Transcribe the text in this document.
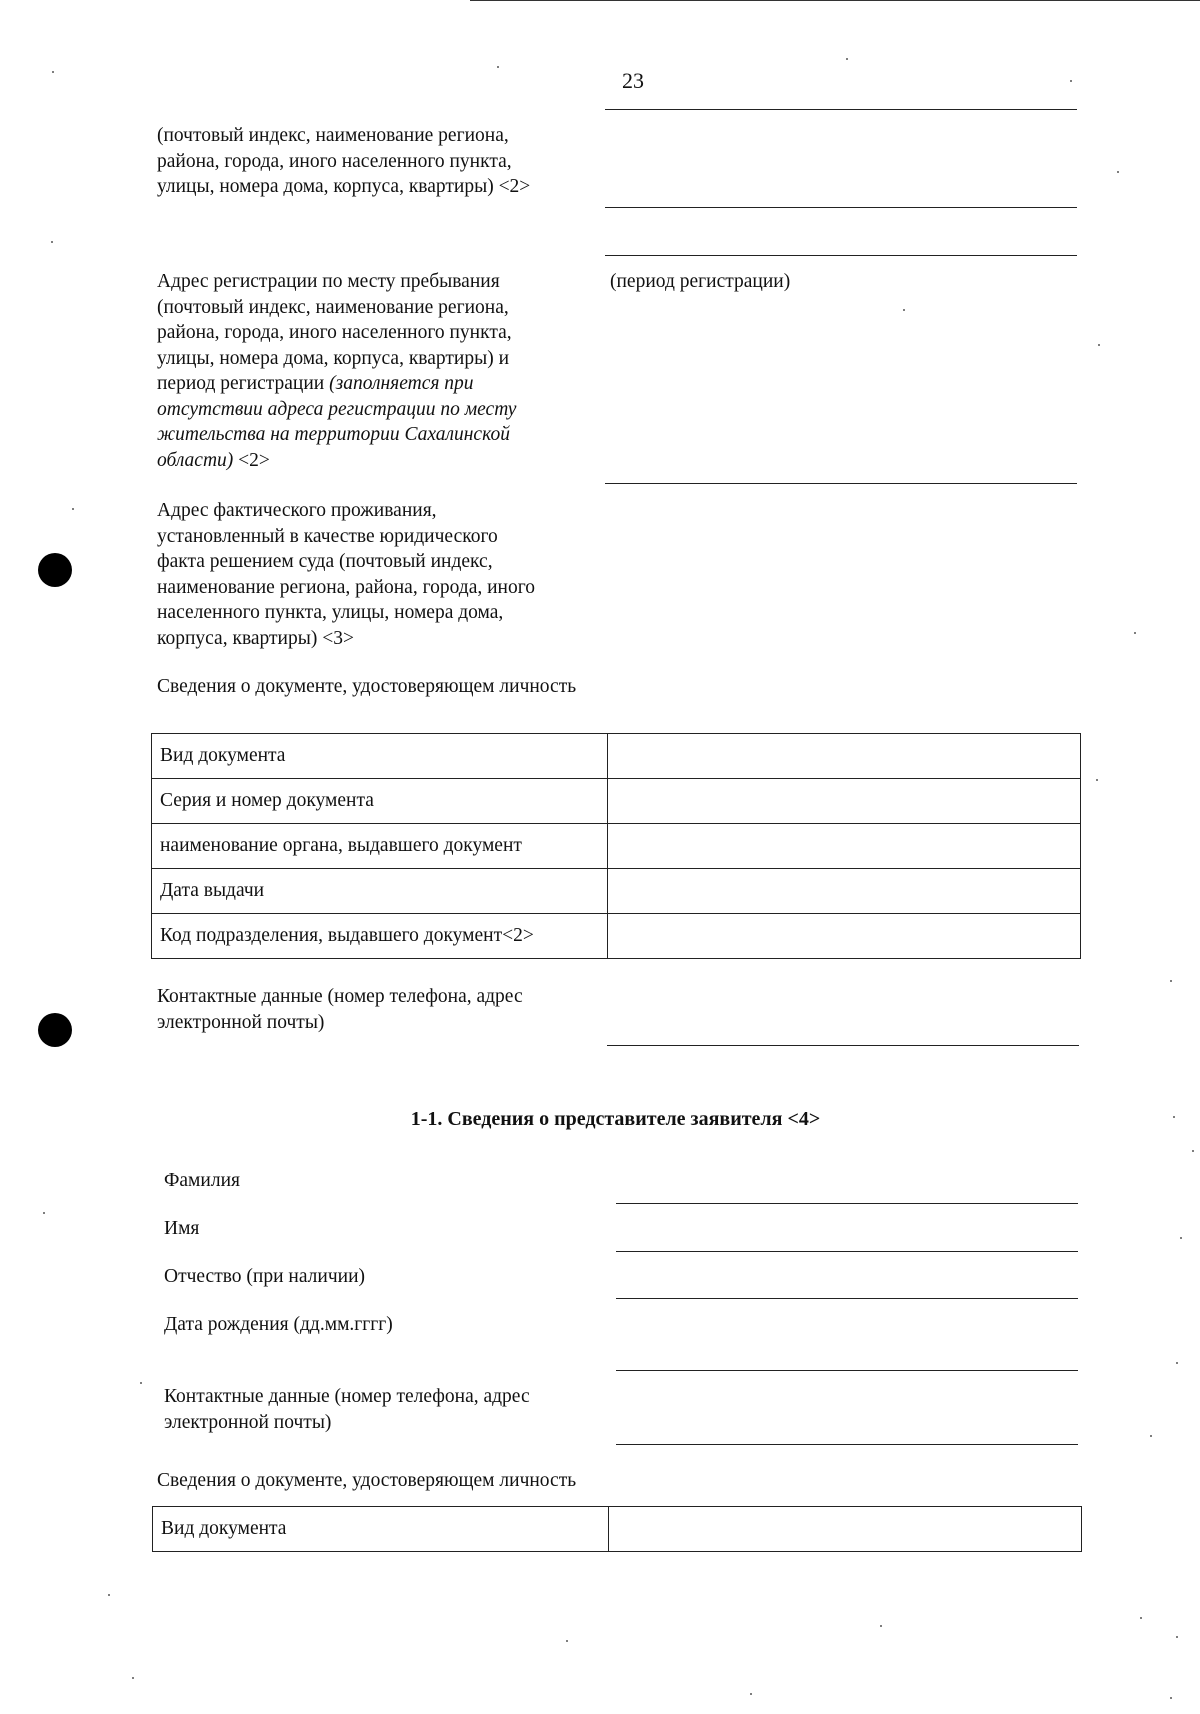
23
(почтовый индекс, наименование региона,
района, города, иного населенного пункта,
улицы, номера дома, корпуса, квартиры) <2>
Адрес регистрации по месту пребывания
(почтовый индекс, наименование региона,
района, города, иного населенного пункта,
улицы, номера дома, корпуса, квартиры) и
период регистрации (заполняется при
отсутствии адреса регистрации по месту
жительства на территории Сахалинской
области) <2>
(период регистрации)
Адрес фактического проживания,
установленный в качестве юридического
факта решением суда (почтовый индекс,
наименование региона, района, города, иного
населенного пункта, улицы, номера дома,
корпуса, квартиры) <3>
Сведения о документе, удостоверяющем личность
Вид документа	
Серия и номер документа	
наименование органа, выдавшего документ	
Дата выдачи	
Код подразделения, выдавшего документ<2>	
Контактные данные (номер телефона, адрес
электронной почты)
1-1. Сведения о представителе заявителя <4>
Фамилия
Имя
Отчество (при наличии)
Дата рождения (дд.мм.гггг)
Контактные данные (номер телефона, адрес
электронной почты)
Сведения о документе, удостоверяющем личность
Вид документа	
